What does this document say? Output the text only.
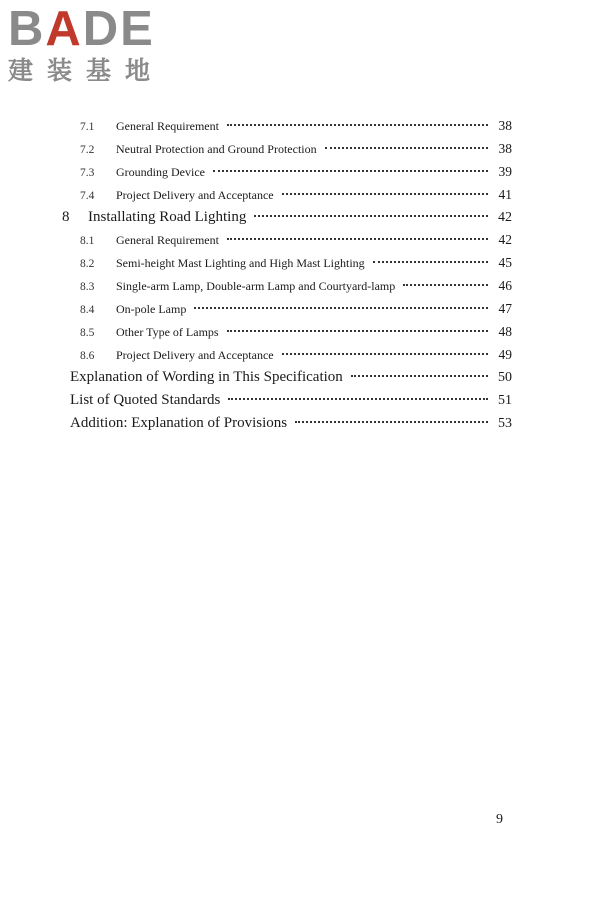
BADE
建装基地
7.1	General Requirement	38
7.2	Neutral Protection and Ground Protection	38
7.3	Grounding Device	39
7.4	Project Delivery and Acceptance	41
8	Installating Road Lighting	42
8.1	General Requirement	42
8.2	Semi-height Mast Lighting and High Mast Lighting	45
8.3	Single-arm Lamp, Double-arm Lamp and Courtyard-lamp	46
8.4	On-pole Lamp	47
8.5	Other Type of Lamps	48
8.6	Project Delivery and Acceptance	49
Explanation of Wording in This Specification	50
List of Quoted Standards	51
Addition: Explanation of Provisions	53
9
